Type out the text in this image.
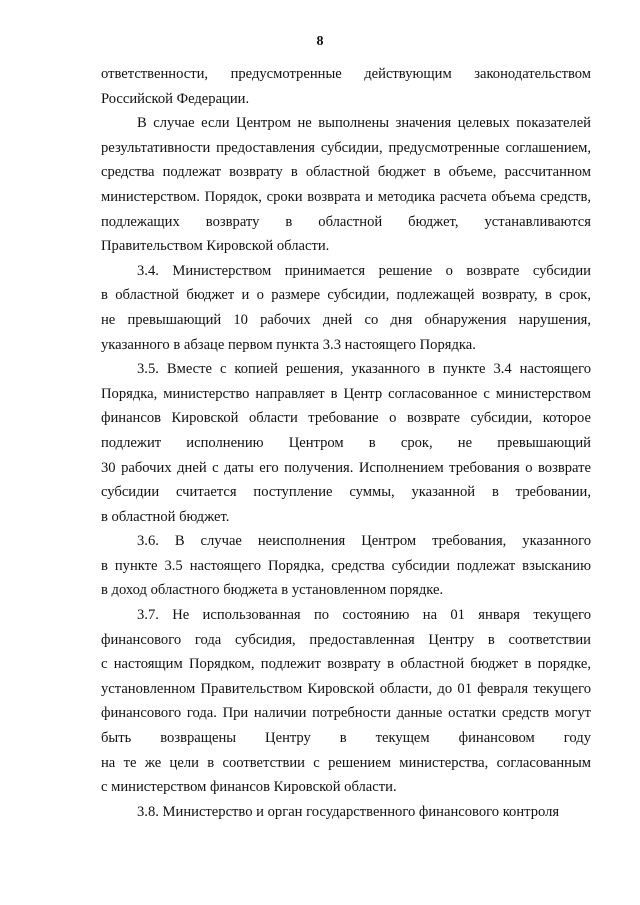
8
ответственности, предусмотренные действующим законодательством
Российской Федерации.
В случае если Центром не выполнены значения целевых показателей
результативности предоставления субсидии, предусмотренные соглашением,
средства подлежат возврату в областной бюджет в объеме, рассчитанном
министерством. Порядок, сроки возврата и методика расчета объема средств,
подлежащих возврату в областной бюджет, устанавливаются
Правительством Кировской области.
3.4. Министерством принимается решение о возврате субсидии
в областной бюджет и о размере субсидии, подлежащей возврату, в срок,
не превышающий 10 рабочих дней со дня обнаружения нарушения,
указанного в абзаце первом пункта 3.3 настоящего Порядка.
3.5. Вместе с копией решения, указанного в пункте 3.4 настоящего
Порядка, министерство направляет в Центр согласованное с министерством
финансов Кировской области требование о возврате субсидии, которое
подлежит исполнению Центром в срок, не превышающий
30 рабочих дней с даты его получения. Исполнением требования о возврате
субсидии считается поступление суммы, указанной в требовании,
в областной бюджет.
3.6. В случае неисполнения Центром требования, указанного
в пункте 3.5 настоящего Порядка, средства субсидии подлежат взысканию
в доход областного бюджета в установленном порядке.
3.7. Не использованная по состоянию на 01 января текущего
финансового года субсидия, предоставленная Центру в соответствии
с настоящим Порядком, подлежит возврату в областной бюджет в порядке,
установленном Правительством Кировской области, до 01 февраля текущего
финансового года. При наличии потребности данные остатки средств могут
быть возвращены Центру в текущем финансовом году
на те же цели в соответствии с решением министерства, согласованным
с министерством финансов Кировской области.
3.8. Министерство и орган государственного финансового контроля
